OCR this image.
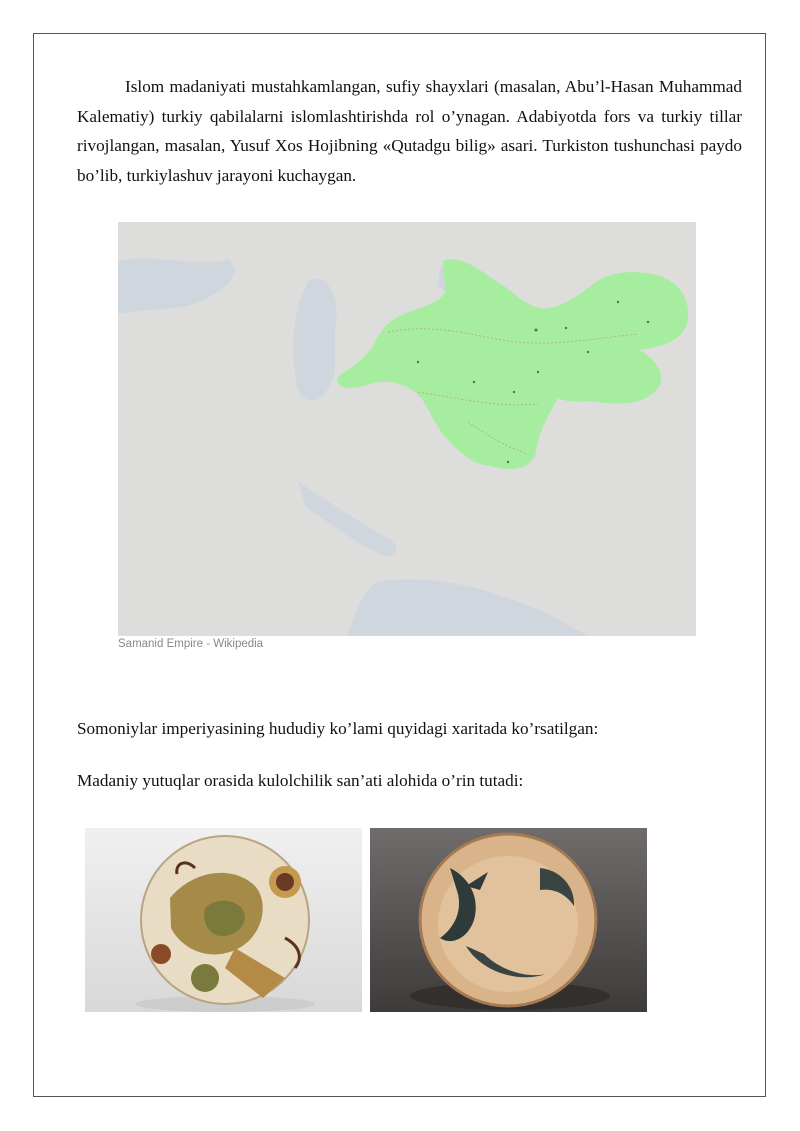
Islom madaniyati mustahkamlangan, sufiy shayxlari (masalan, Abu’l-Hasan Muhammad Kalematiy) turkiy qabilalarni islomlashtirishda rol o’ynagan. Adabiyotda fors va turkiy tillar rivojlangan, masalan, Yusuf Xos Hojibning «Qutadgu bilig» asari. Turkiston tushunchasi paydo bo’lib, turkiylashuv jarayoni kuchaygan.

Samanid Empire - Wikipedia

Somoniylar imperiyasining hududiy ko’lami quyidagi xaritada ko’rsatilgan:

Madaniy yutuqlar orasida kulolchilik san’ati alohida o’rin tutadi:
